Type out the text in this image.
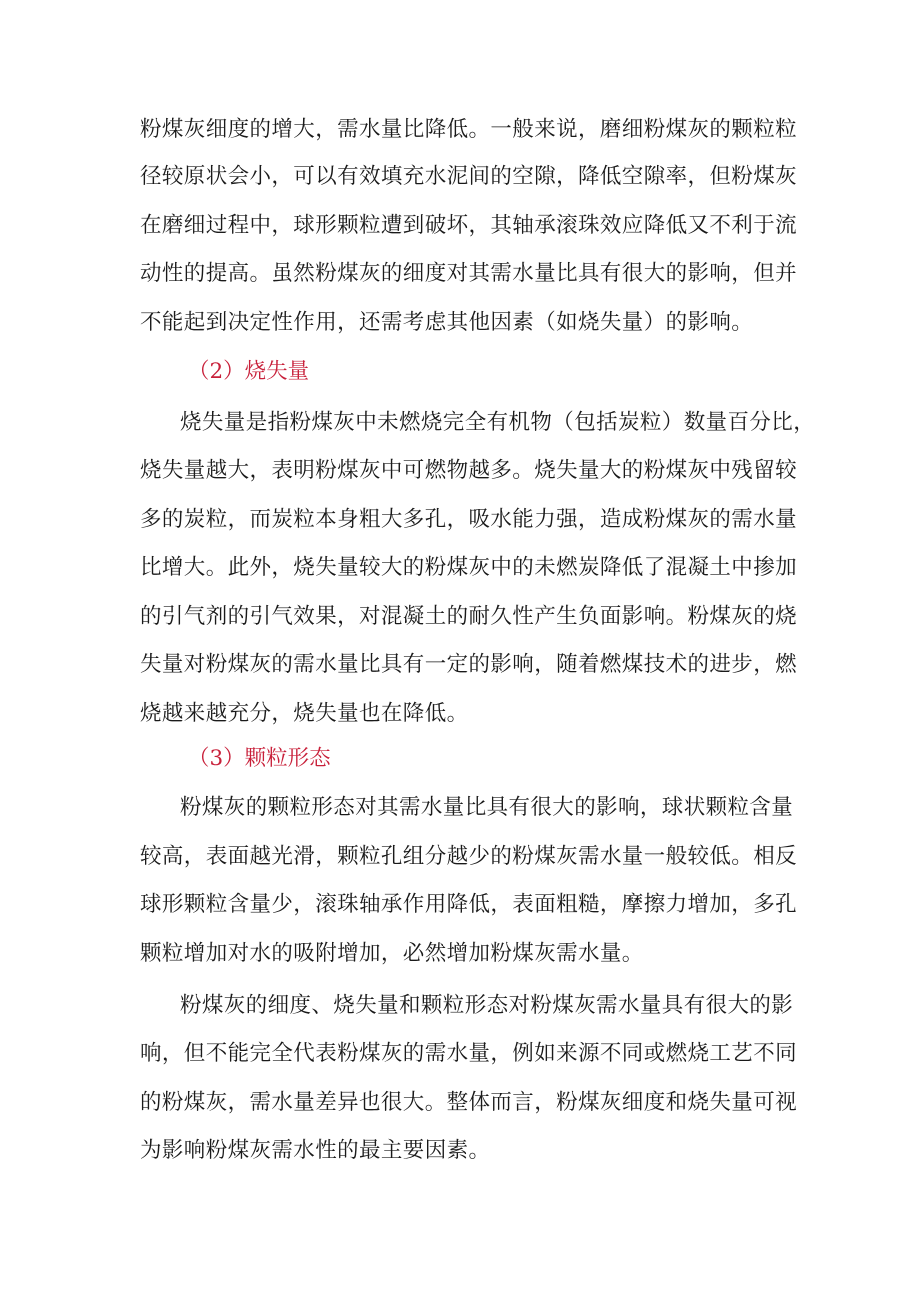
粉煤灰细度的增大，需水量比降低。一般来说，磨细粉煤灰的颗粒粒
径较原状会小，可以有效填充水泥间的空隙，降低空隙率，但粉煤灰
在磨细过程中，球形颗粒遭到破坏，其轴承滚珠效应降低又不利于流
动性的提高。虽然粉煤灰的细度对其需水量比具有很大的影响，但并
不能起到决定性作用，还需考虑其他因素（如烧失量）的影响。
（2）烧失量
烧失量是指粉煤灰中未燃烧完全有机物（包括炭粒）数量百分比，
烧失量越大，表明粉煤灰中可燃物越多。烧失量大的粉煤灰中残留较
多的炭粒，而炭粒本身粗大多孔，吸水能力强，造成粉煤灰的需水量
比增大。此外，烧失量较大的粉煤灰中的未燃炭降低了混凝土中掺加
的引气剂的引气效果，对混凝土的耐久性产生负面影响。粉煤灰的烧
失量对粉煤灰的需水量比具有一定的影响，随着燃煤技术的进步，燃
烧越来越充分，烧失量也在降低。
（3）颗粒形态
粉煤灰的颗粒形态对其需水量比具有很大的影响，球状颗粒含量
较高，表面越光滑，颗粒孔组分越少的粉煤灰需水量一般较低。相反
球形颗粒含量少，滚珠轴承作用降低，表面粗糙，摩擦力增加，多孔
颗粒增加对水的吸附增加，必然增加粉煤灰需水量。
粉煤灰的细度、烧失量和颗粒形态对粉煤灰需水量具有很大的影
响，但不能完全代表粉煤灰的需水量，例如来源不同或燃烧工艺不同
的粉煤灰，需水量差异也很大。整体而言，粉煤灰细度和烧失量可视
为影响粉煤灰需水性的最主要因素。
